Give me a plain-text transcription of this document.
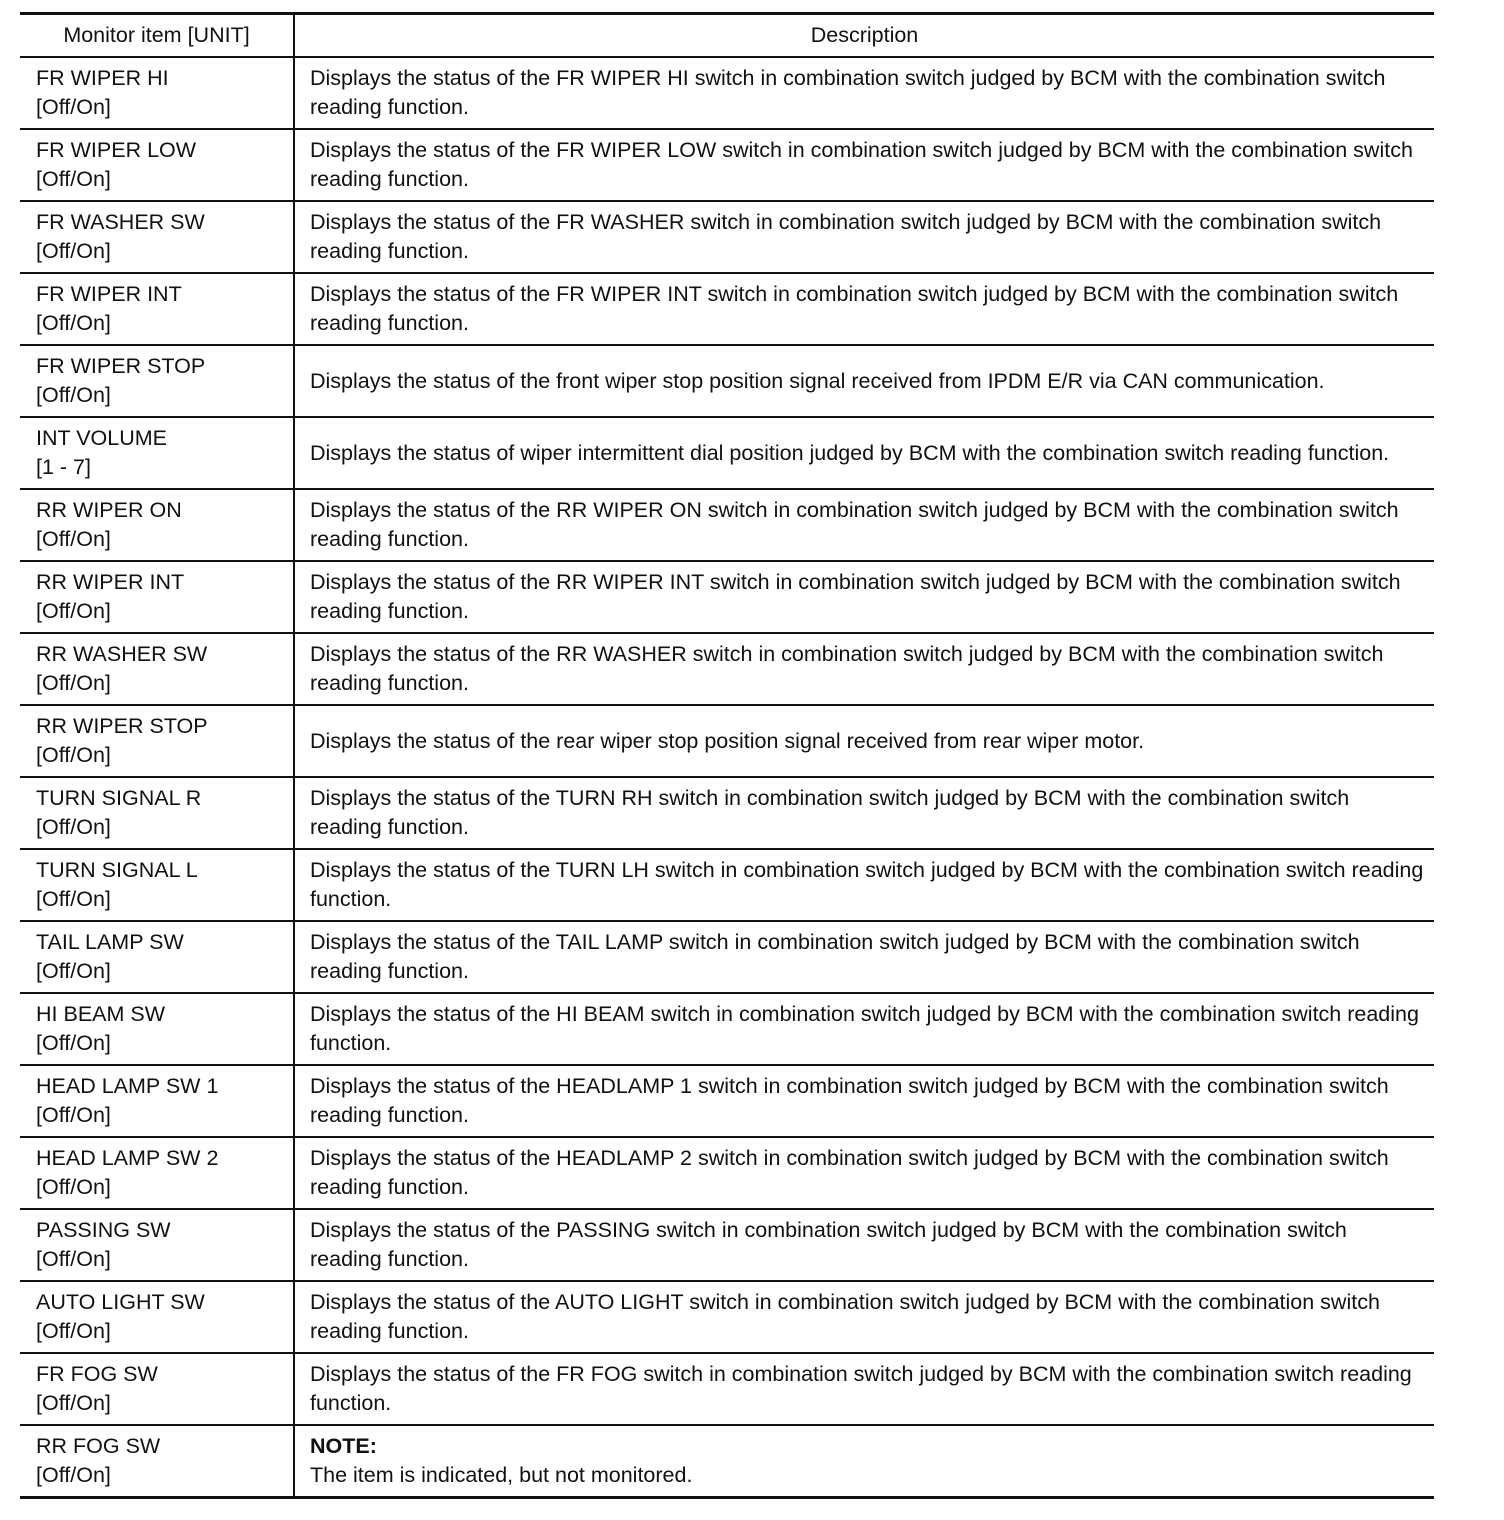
Monitor item [UNIT]	Description

FR WIPER HI
[Off/On]	Displays the status of the FR WIPER HI switch in combination switch judged by BCM with the combination switch reading function.

FR WIPER LOW
[Off/On]	Displays the status of the FR WIPER LOW switch in combination switch judged by BCM with the combination switch reading function.

FR WASHER SW
[Off/On]	Displays the status of the FR WASHER switch in combination switch judged by BCM with the combination switch reading function.

FR WIPER INT
[Off/On]	Displays the status of the FR WIPER INT switch in combination switch judged by BCM with the combination switch reading function.

FR WIPER STOP
[Off/On]	Displays the status of the front wiper stop position signal received from IPDM E/R via CAN communication.

INT VOLUME
[1 - 7]	Displays the status of wiper intermittent dial position judged by BCM with the combination switch reading function.

RR WIPER ON
[Off/On]	Displays the status of the RR WIPER ON switch in combination switch judged by BCM with the combination switch reading function.

RR WIPER INT
[Off/On]	Displays the status of the RR WIPER INT switch in combination switch judged by BCM with the combination switch reading function.

RR WASHER SW
[Off/On]	Displays the status of the RR WASHER switch in combination switch judged by BCM with the combination switch reading function.

RR WIPER STOP
[Off/On]	Displays the status of the rear wiper stop position signal received from rear wiper motor.

TURN SIGNAL R
[Off/On]	Displays the status of the TURN RH switch in combination switch judged by BCM with the combination switch reading function.

TURN SIGNAL L
[Off/On]	Displays the status of the TURN LH switch in combination switch judged by BCM with the combination switch reading function.

TAIL LAMP SW
[Off/On]	Displays the status of the TAIL LAMP switch in combination switch judged by BCM with the combination switch reading function.

HI BEAM SW
[Off/On]	Displays the status of the HI BEAM switch in combination switch judged by BCM with the combination switch reading function.

HEAD LAMP SW 1
[Off/On]	Displays the status of the HEADLAMP 1 switch in combination switch judged by BCM with the combination switch reading function.

HEAD LAMP SW 2
[Off/On]	Displays the status of the HEADLAMP 2 switch in combination switch judged by BCM with the combination switch reading function.

PASSING SW
[Off/On]	Displays the status of the PASSING switch in combination switch judged by BCM with the combination switch reading function.

AUTO LIGHT SW
[Off/On]	Displays the status of the AUTO LIGHT switch in combination switch judged by BCM with the combination switch reading function.

FR FOG SW
[Off/On]	Displays the status of the FR FOG switch in combination switch judged by BCM with the combination switch reading function.

RR FOG SW
[Off/On]	NOTE:
The item is indicated, but not monitored.
